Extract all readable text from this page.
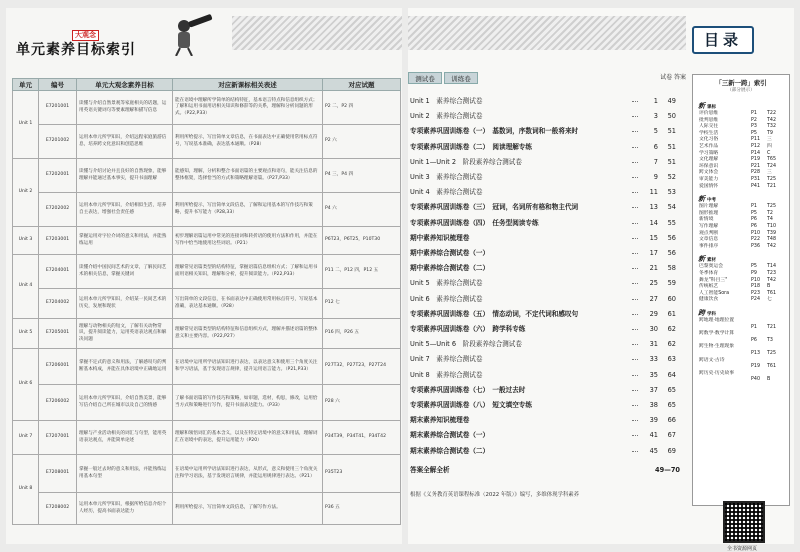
大观念
单元素养目标索引
单元	编号	单元大观念素养目标	对应新课标相关表述	对应试题
Unit 1	E7201001	读懂与介绍自然景观等家庭相关的话题，运用英语关键词句等要素理解和描写信息	能在语境中理解所学简单的结构特征，基本语言特点和信息组织方式；了解和运用书面用语相关知识和修辞等的关系，理解和分析问题的形式。（P22,P33）	P2 二，P2 四
	E7201002	运用本单元所学知识，介绍远程家庭旅游信息，培养跨文化意识和创造思维	利用所给提示，写出简单文章信息，在书面表达中正确使用常用标点符号，写说基本准确，表达基本通顺。（P28）	P2 六
Unit 2	E7202001	读懂与介绍讨论并且良好的自然现象，能够理解并能通过基本事实，提升书面理解	能感知，理解，分析和整合书面语篇的主要观点和语句，能关注信息的整体框架，选择恰当的方式和策略理解语篇。（P27,P33）	P4 三，P4 四
	E7202002	运用本单元所学知识，介绍相似生活，培养自主表达，增强社会责任感	利用所给提示，写出简单文段信息，了解和运用基本的写作技巧和策略，提升书写能力（P28,33）	P4 六
Unit 3	E7203001	掌握运用对字位介词的意义和用法，并能熟练运用	初步理解语篇运用中常见的连接词和转折语的使用方法和作用，并能在写作中恰当地使用这些词语。（P21）	P6T23，P6T25，P10T30
Unit 4	E7204001	读懂介绍中国民间艺术的文章，了解民间艺术的相关信息，掌握关键词	理解常见语篇类型的结构特征，掌握语篇信息组织方式；了解和运用书面用语相关知识，理解和分析，提升阅读能力。（P22,P33）	P11 二，P12 四，P12 五
	E7204002	运用本单元所学知识，介绍某一民间艺术的历史，发展和现状	写出简单的文段信息，在书面表达中正确使用常用标点符号，写说基本准确，表达基本通顺。（P28）	P12 七
Unit 5	E7205001	理解与动物相关的短文，了解有关动物常识，提升阅读能力，运用英语表达观点和解决问题	理解常见语篇类型的结构特征和信息组织方式，理解并描述语篇的整体意义和主要内容。（P22,P27）	P16 四，P26 五
Unit 6	E7206001	掌握不定式的意义和用法，了解感叹句的判断基本构成，并能在具体语境中正确地运用	在语境中运用所学语法知识进行表达，以表达意义和使用三个角度关注和学习语法，基于发现语言规律，提升运用语言能力。（P21,P33）	P27T32，P27T23，P27T24
	E7206002	运用本单元所学知识，介绍自然美景，能够写信介绍自己所在城市以及自己的情感	了解书面语篇的写作技巧和策略，如审题，选材，构思，修改，运用恰当方式和策略进行写作，提升书面表达能力。（P33）	P28 六
Unit 7	E7207001	理解与产业活动相关的词汇与句型，能用英语表达观点，并能简单论述	理解和领悟词汇的基本含义，以及在特定语境中的意义和用法，理解词汇在语境中的表达，提升运用能力（P20）	P34T39，P34T41，P34T42
Unit 8	E7208001	掌握一般过去时的意义和用法，并能熟练运用基本句型	在语境中运用所学语法知识进行表达，从形式，意义和使用三个角度关注和学习语法，基于发现语言规律，并能运用规律进行表达。（P21）	P35T23
	E7208002	运用本单元所学知识，根据所给信息介绍个人经历，提高书面表达能力	利用所给提示，写出简单文段信息，了解写作方法。	P36 五
目录
测试卷	训练卷	试卷 答案
Unit 1　素养综合测试卷	1	49
Unit 2　素养综合测试卷	3	50
专项素养巩固训练卷（一）　基数词，序数词和一般将来时	5	51
专项素养巩固训练卷（二）　阅读理解专练	6	51
Unit 1—Unit 2　阶段素养综合测试卷	7	51
Unit 3　素养综合测试卷	9	52
Unit 4　素养综合测试卷	11	53
专项素养巩固训练卷（三）　冠词，名词所有格和物主代词	13	54
专项素养巩固训练卷（四）　任务型阅读专练	14	55
期中素养知识梳理卷	15	56
期中素养综合测试卷（一）	17	56
期中素养综合测试卷（二）	21	58
Unit 5　素养综合测试卷	25	59
Unit 6　素养综合测试卷	27	60
专项素养巩固训练卷（五）　情态动词，不定代词和感叹句	29	61
专项素养巩固训练卷（六）　跨学科专练	30	62
Unit 5—Unit 6　阶段素养综合测试卷	31	62
Unit 7　素养综合测试卷	33	63
Unit 8　素养综合测试卷	35	64
专项素养巩固训练卷（七）　一般过去时	37	65
专项素养巩固训练卷（八）　短文填空专练	38	65
期末素养知识梳理卷	39	66
期末素养综合测试卷（一）	41	67
期末素养综合测试卷（二）	45	69
答案全解全析	49—70
根据《义务教育英语课程标准（2022 年版）》编写，多维体现学科素养
「三新一跨」索引
（部分展示）
新课标
评价思维	P1 T22
批判思维	P2 T42
人际交往	P3 T32
学校生活	P5 T9
文化习俗	P11 三
艺术作品	P12 四
学习策略	P14 C
文化理解	P19 T65
环保意识	P21 T24
跨文体会	P28 三
审美能力	P31 T25
爱国情怀	P41 T21
新中考
图片理解	P1 T25
图形推理	P5 T2
新情境	P6 T4
写作理解	P6 T10
观点判断	P10 T39
文章信息	P22 T48
事件排序	P36 T42
新素材
巴黎奥运会	P5 T14
冬季体育	P9 T23
舞龙"科目三"	P10 T42
传统纸艺	P18 B
人工智能Sora	P23 T61
健康饮食	P24 七
跨学科
跨地理·地理位置
P1 T21
跨数学·数学计算
P6 T3
跨生物·生理现象
P13 T25
跨语文·古诗
P19 T61
跨历史·历史故事
P40 B
全书资源网页
